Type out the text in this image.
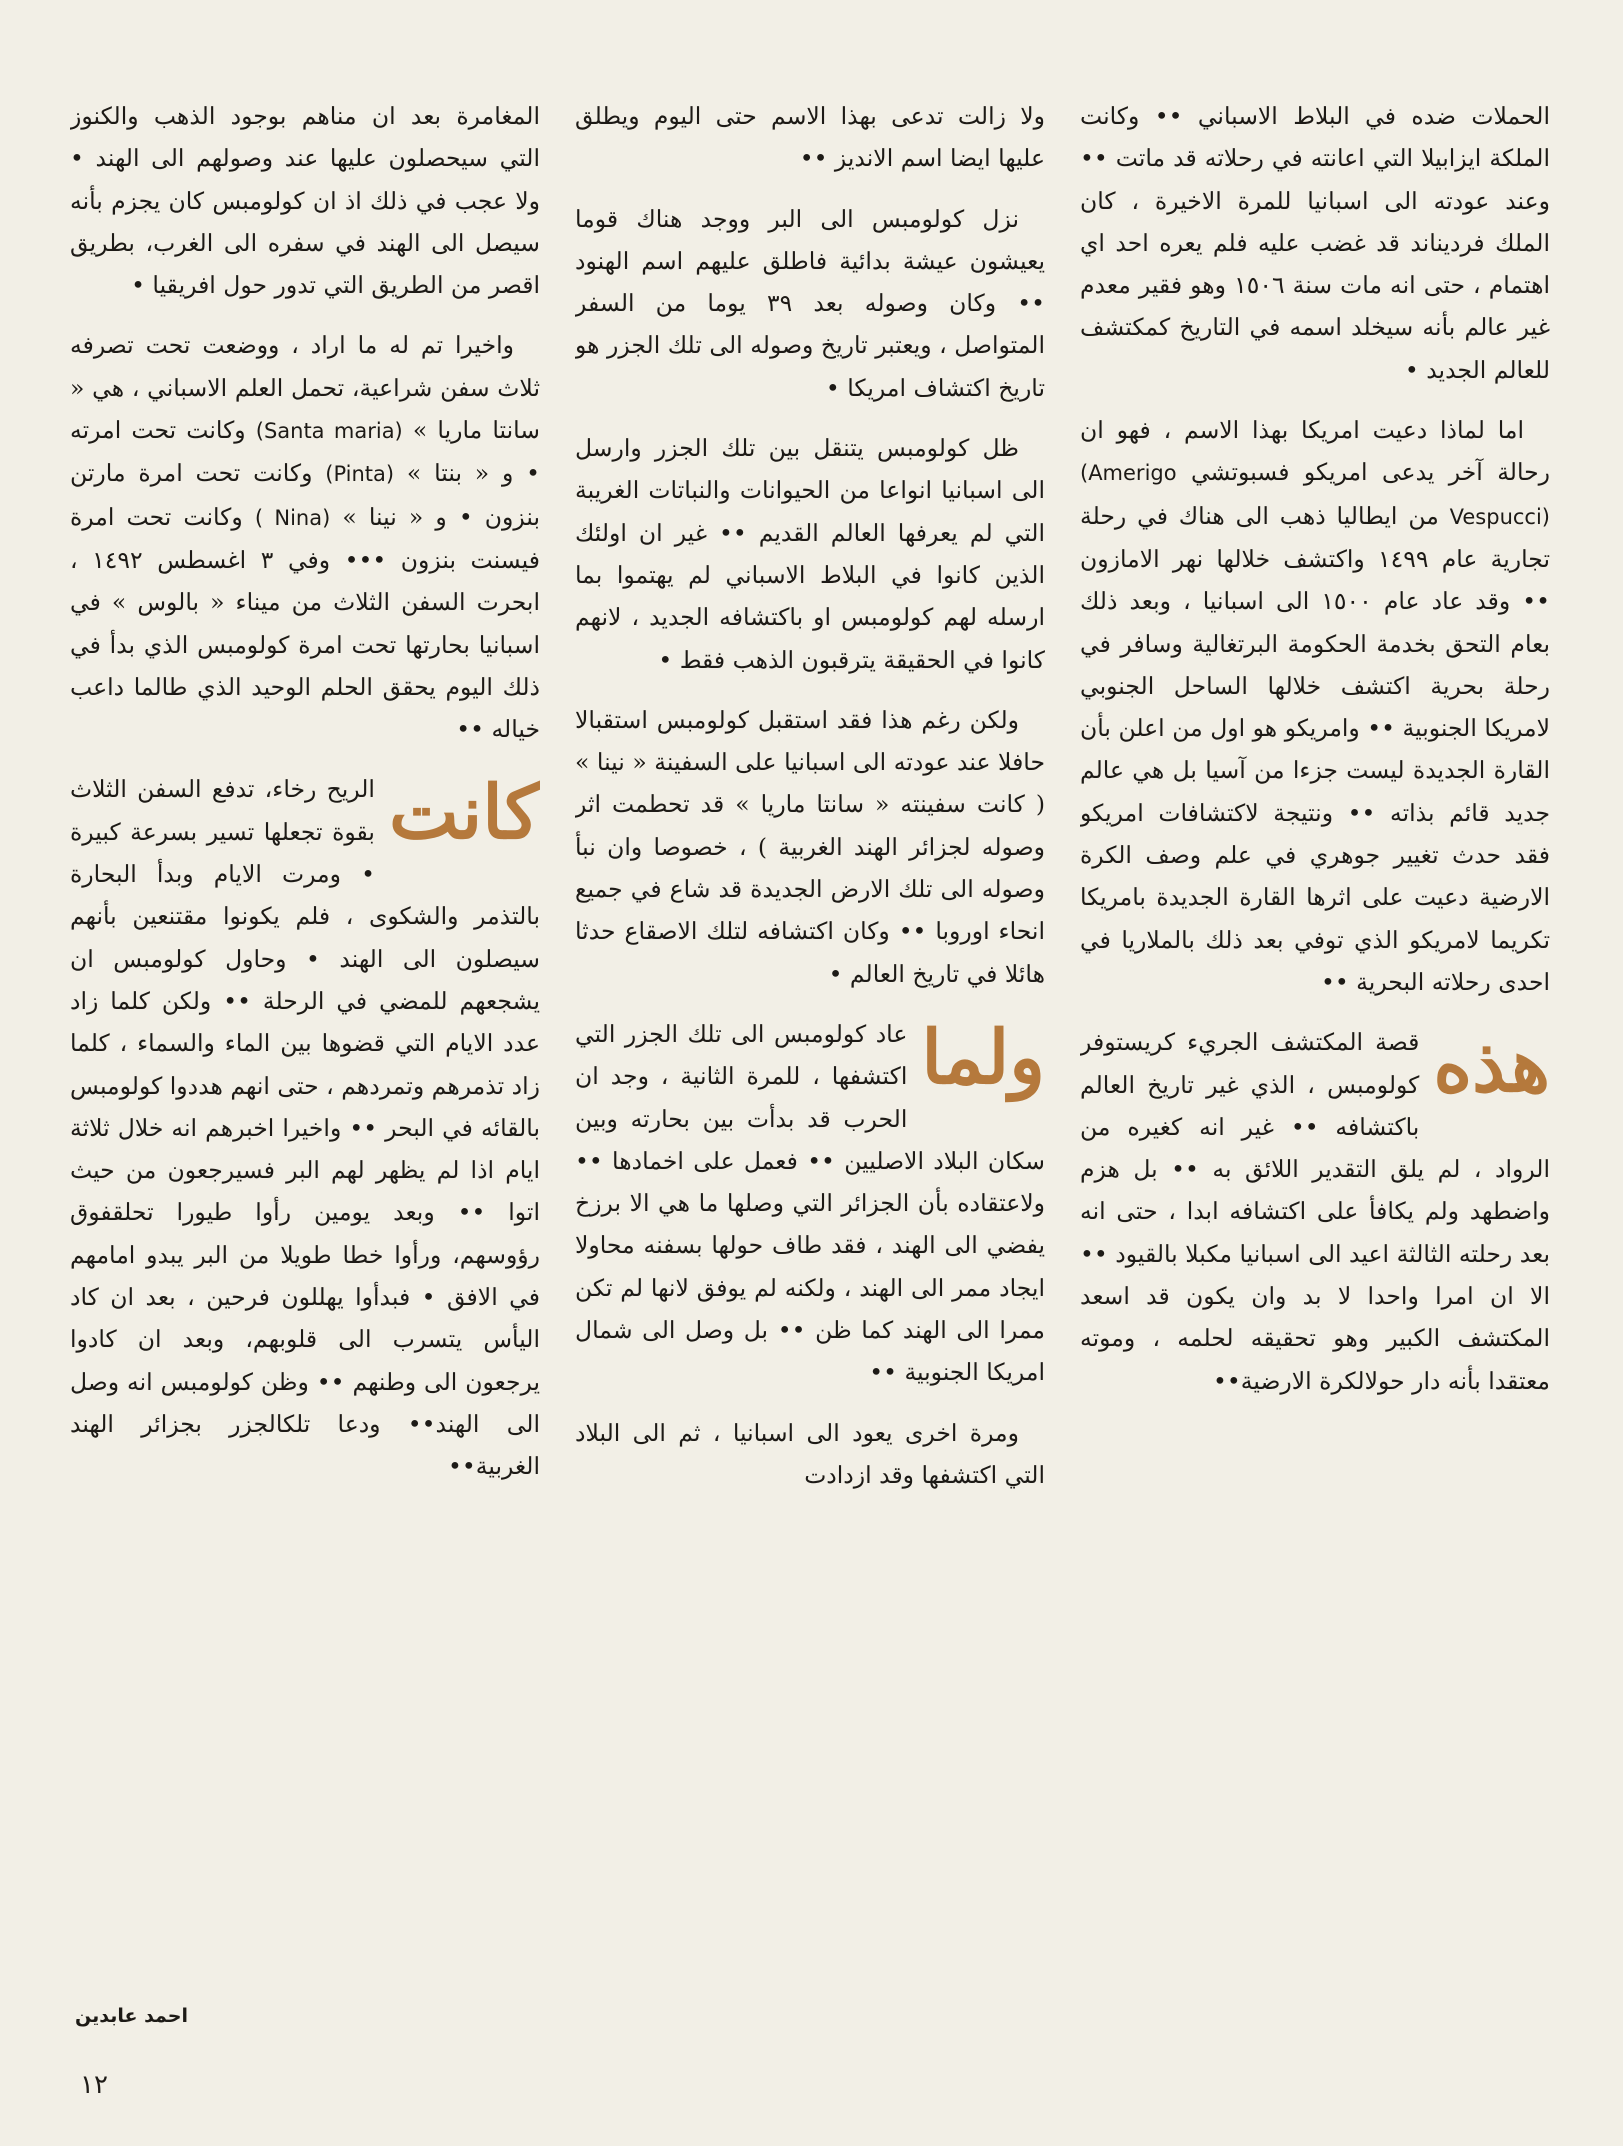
المغامرة بعد ان مناهم بوجود الذهب والكنوز التي سيحصلون عليها عند وصولهم الى الهند • ولا عجب في ذلك اذ ان كولومبس كان يجزم بأنه سيصل الى الهند في سفره الى الغرب، بطريق اقصر من الطريق التي تدور حول افريقيا •

واخيرا تم له ما اراد ، ووضعت تحت تصرفه ثلاث سفن شراعية، تحمل العلم الاسباني ، هي « سانتا ماريا » (Santa maria) وكانت تحت امرته • و « بنتا » (Pinta) وكانت تحت امرة مارتن بنزون • و « نينا » ( Nina) وكانت تحت امرة فيسنت بنزون ••• وفي ٣ اغسطس ١٤٩٢ ، ابحرت السفن الثلاث من ميناء « بالوس » في اسبانيا بحارتها تحت امرة كولومبس الذي بدأ في ذلك اليوم يحقق الحلم الوحيد الذي طالما داعب خياله ••

كانت
الريح رخاء، تدفع السفن الثلاث بقوة تجعلها تسير بسرعة كبيرة • ومرت الايام وبدأ البحارة بالتذمر والشكوى ، فلم يكونوا مقتنعين بأنهم سيصلون الى الهند • وحاول كولومبس ان يشجعهم للمضي في الرحلة •• ولكن كلما زاد عدد الايام التي قضوها بين الماء والسماء ، كلما زاد تذمرهم وتمردهم ، حتى انهم هددوا كولومبس بالقائه في البحر •• واخيرا اخبرهم انه خلال ثلاثة ايام اذا لم يظهر لهم البر فسيرجعون من حيث اتوا •• وبعد يومين رأوا طيورا تحلقفوق رؤوسهم، ورأوا خطا طويلا من البر يبدو امامهم في الافق • فبدأوا يهللون فرحين ، بعد ان كاد اليأس يتسرب الى قلوبهم، وبعد ان كادوا يرجعون الى وطنهم •• وظن كولومبس انه وصل الى الهند•• ودعا تلكالجزر بجزائر الهند الغربية••

ولا زالت تدعى بهذا الاسم حتى اليوم ويطلق عليها ايضا اسم الانديز ••

نزل كولومبس الى البر ووجد هناك قوما يعيشون عيشة بدائية فاطلق عليهم اسم الهنود •• وكان وصوله بعد ٣٩ يوما من السفر المتواصل ، ويعتبر تاريخ وصوله الى تلك الجزر هو تاريخ اكتشاف امريكا •

ظل كولومبس يتنقل بين تلك الجزر وارسل الى اسبانيا انواعا من الحيوانات والنباتات الغريبة التي لم يعرفها العالم القديم •• غير ان اولئك الذين كانوا في البلاط الاسباني لم يهتموا بما ارسله لهم كولومبس او باكتشافه الجديد ، لانهم كانوا في الحقيقة يترقبون الذهب فقط •

ولكن رغم هذا فقد استقبل كولومبس استقبالا حافلا عند عودته الى اسبانيا على السفينة « نينا » ( كانت سفينته « سانتا ماريا » قد تحطمت اثر وصوله لجزائر الهند الغربية ) ، خصوصا وان نبأ وصوله الى تلك الارض الجديدة قد شاع في جميع انحاء اوروبا •• وكان اكتشافه لتلك الاصقاع حدثا هائلا في تاريخ العالم •

ولما
عاد كولومبس الى تلك الجزر التي اكتشفها ، للمرة الثانية ، وجد ان الحرب قد بدأت بين بحارته وبين سكان البلاد الاصليين •• فعمل على اخمادها •• ولاعتقاده بأن الجزائر التي وصلها ما هي الا برزخ يفضي الى الهند ، فقد طاف حولها بسفنه محاولا ايجاد ممر الى الهند ، ولكنه لم يوفق لانها لم تكن ممرا الى الهند كما ظن •• بل وصل الى شمال امريكا الجنوبية ••

ومرة اخرى يعود الى اسبانيا ، ثم الى البلاد التي اكتشفها وقد ازدادت

الحملات ضده في البلاط الاسباني •• وكانت الملكة ايزابيلا التي اعانته في رحلاته قد ماتت •• وعند عودته الى اسبانيا للمرة الاخيرة ، كان الملك فرديناند قد غضب عليه فلم يعره احد اي اهتمام ، حتى انه مات سنة ١٥٠٦ وهو فقير معدم غير عالم بأنه سيخلد اسمه في التاريخ كمكتشف للعالم الجديد •

اما لماذا دعيت امريكا بهذا الاسم ، فهو ان رحالة آخر يدعى امريكو فسبوتشي (Amerigo Vespucci) من ايطاليا ذهب الى هناك في رحلة تجارية عام ١٤٩٩ واكتشف خلالها نهر الامازون •• وقد عاد عام ١٥٠٠ الى اسبانيا ، وبعد ذلك بعام التحق بخدمة الحكومة البرتغالية وسافر في رحلة بحرية اكتشف خلالها الساحل الجنوبي لامريكا الجنوبية •• وامريكو هو اول من اعلن بأن القارة الجديدة ليست جزءا من آسيا بل هي عالم جديد قائم بذاته •• ونتيجة لاكتشافات امريكو فقد حدث تغيير جوهري في علم وصف الكرة الارضية دعيت على اثرها القارة الجديدة بامريكا تكريما لامريكو الذي توفي بعد ذلك بالملاريا في احدى رحلاته البحرية ••

هذه
قصة المكتشف الجريء كريستوفر كولومبس ، الذي غير تاريخ العالم باكتشافه •• غير انه كغيره من الرواد ، لم يلق التقدير اللائق به •• بل هزم واضطهد ولم يكافأ على اكتشافه ابدا ، حتى انه بعد رحلته الثالثة اعيد الى اسبانيا مكبلا بالقيود •• الا ان امرا واحدا لا بد وان يكون قد اسعد المكتشف الكبير وهو تحقيقه لحلمه ، وموته معتقدا بأنه دار حولالكرة الارضية••

احمد عابدين
١٢
